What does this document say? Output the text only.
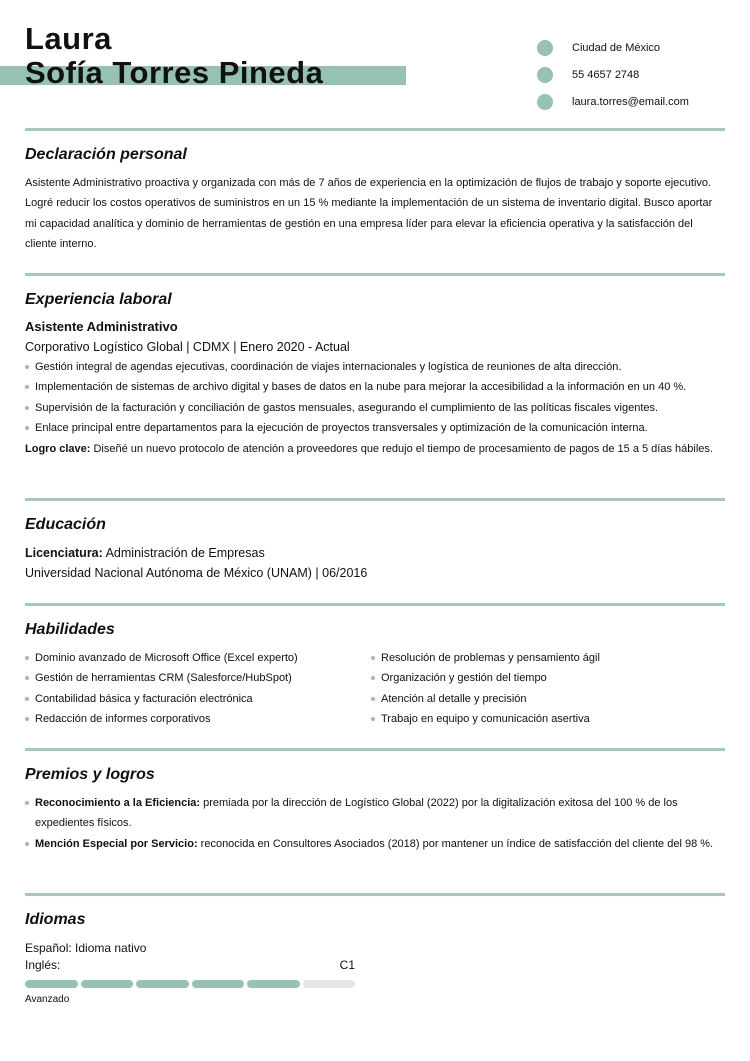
Laura
Sofía Torres Pineda
Ciudad de México
55 4657 2748
laura.torres@email.com
Declaración personal

Asistente Administrativo proactiva y organizada con más de 7 años de experiencia en la optimización de flujos de trabajo y soporte ejecutivo. Logré reducir los costos operativos de suministros en un 15 % mediante la implementación de un sistema de inventario digital. Busco aportar mi capacidad analítica y dominio de herramientas de gestión en una empresa líder para elevar la eficiencia operativa y la satisfacción del cliente interno.

Experiencia laboral
Asistente Administrativo
Corporativo Logístico Global | CDMX | Enero 2020 - Actual
Gestión integral de agendas ejecutivas, coordinación de viajes internacionales y logística de reuniones de alta dirección.
Implementación de sistemas de archivo digital y bases de datos en la nube para mejorar la accesibilidad a la información en un 40 %.
Supervisión de la facturación y conciliación de gastos mensuales, asegurando el cumplimiento de las políticas fiscales vigentes.
Enlace principal entre departamentos para la ejecución de proyectos transversales y optimización de la comunicación interna.

Logro clave: Diseñé un nuevo protocolo de atención a proveedores que redujo el tiempo de procesamiento de pagos de 15 a 5 días hábiles.

Educación
Licenciatura: Administración de Empresas
Universidad Nacional Autónoma de México (UNAM) | 06/2016
Habilidades
Dominio avanzado de Microsoft Office (Excel experto)
Gestión de herramientas CRM (Salesforce/HubSpot)
Contabilidad básica y facturación electrónica
Redacción de informes corporativos
Resolución de problemas y pensamiento ágil
Organización y gestión del tiempo
Atención al detalle y precisión
Trabajo en equipo y comunicación asertiva
Premios y logros
Reconocimiento a la Eficiencia: premiada por la dirección de Logístico Global (2022) por la digitalización exitosa del 100 % de los expedientes físicos.
Mención Especial por Servicio: reconocida en Consultores Asociados (2018) por mantener un índice de satisfacción del cliente del 98 %.
Idiomas
Español: Idioma nativo
Inglés:	C1
Avanzado
